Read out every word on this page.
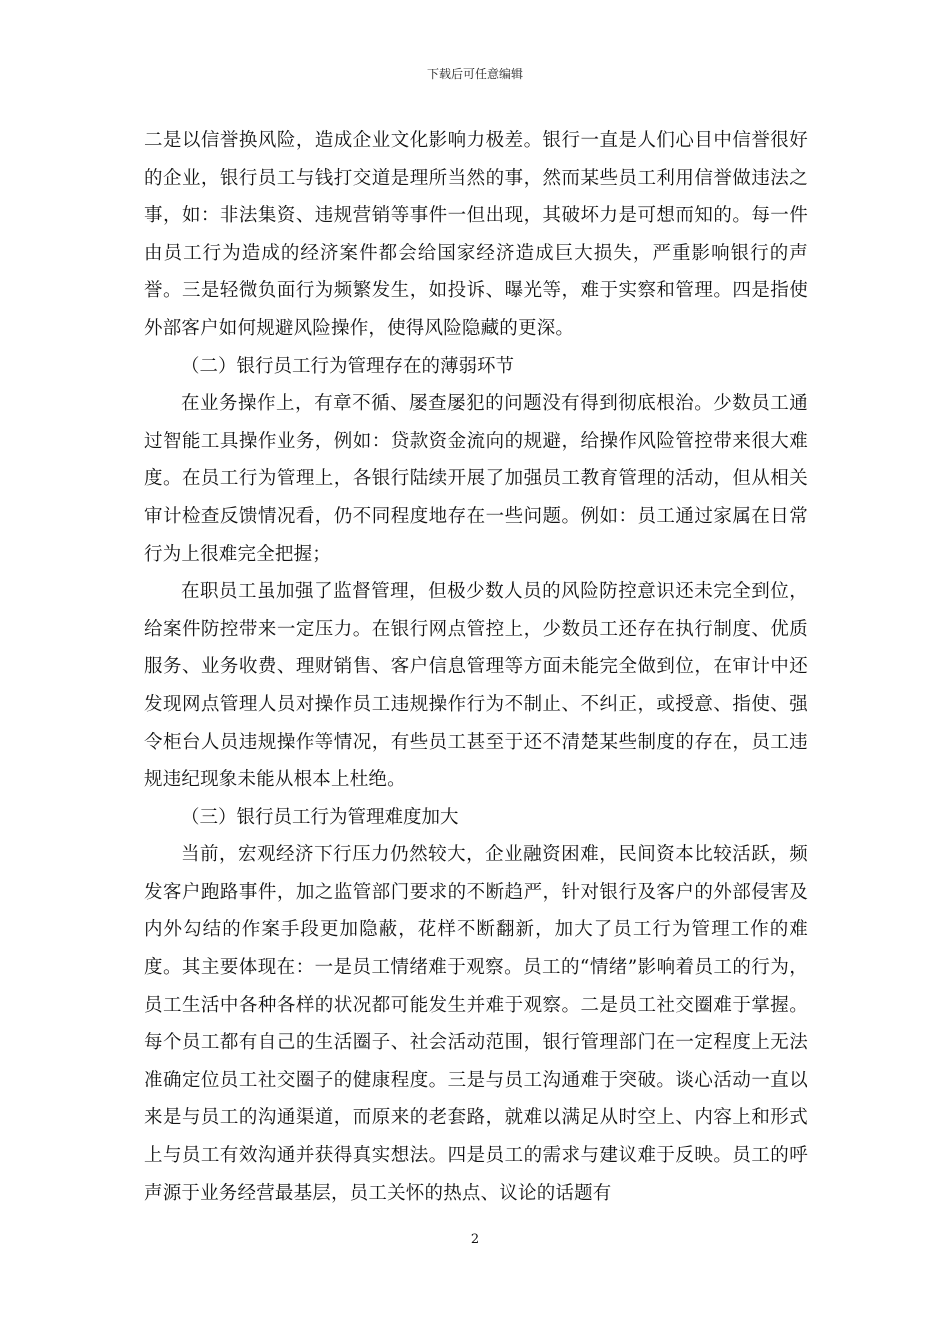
下载后可任意编辑

二是以信誉换风险，造成企业文化影响力极差。银行一直是人们心目中信誉很好的企业，银行员工与钱打交道是理所当然的事，然而某些员工利用信誉做违法之事，如：非法集资、违规营销等事件一但出现，其破坏力是可想而知的。每一件由员工行为造成的经济案件都会给国家经济造成巨大损失，严重影响银行的声誉。三是轻微负面行为频繁发生，如投诉、曝光等，难于实察和管理。四是指使外部客户如何规避风险操作，使得风险隐藏的更深。

（二）银行员工行为管理存在的薄弱环节

在业务操作上，有章不循、屡查屡犯的问题没有得到彻底根治。少数员工通过智能工具操作业务，例如：贷款资金流向的规避，给操作风险管控带来很大难度。在员工行为管理上，各银行陆续开展了加强员工教育管理的活动，但从相关审计检查反馈情况看，仍不同程度地存在一些问题。例如：员工通过家属在日常行为上很难完全把握；

在职员工虽加强了监督管理，但极少数人员的风险防控意识还未完全到位，给案件防控带来一定压力。在银行网点管控上，少数员工还存在执行制度、优质服务、业务收费、理财销售、客户信息管理等方面未能完全做到位，在审计中还发现网点管理人员对操作员工违规操作行为不制止、不纠正，或授意、指使、强令柜台人员违规操作等情况，有些员工甚至于还不清楚某些制度的存在，员工违规违纪现象未能从根本上杜绝。

（三）银行员工行为管理难度加大

当前，宏观经济下行压力仍然较大，企业融资困难，民间资本比较活跃，频发客户跑路事件，加之监管部门要求的不断趋严，针对银行及客户的外部侵害及内外勾结的作案手段更加隐蔽，花样不断翻新，加大了员工行为管理工作的难度。其主要体现在：一是员工情绪难于观察。员工的“情绪”影响着员工的行为，员工生活中各种各样的状况都可能发生并难于观察。二是员工社交圈难于掌握。每个员工都有自己的生活圈子、社会活动范围，银行管理部门在一定程度上无法准确定位员工社交圈子的健康程度。三是与员工沟通难于突破。谈心活动一直以来是与员工的沟通渠道，而原来的老套路，就难以满足从时空上、内容上和形式上与员工有效沟通并获得真实想法。四是员工的需求与建议难于反映。员工的呼声源于业务经营最基层，员工关怀的热点、议论的话题有

2
